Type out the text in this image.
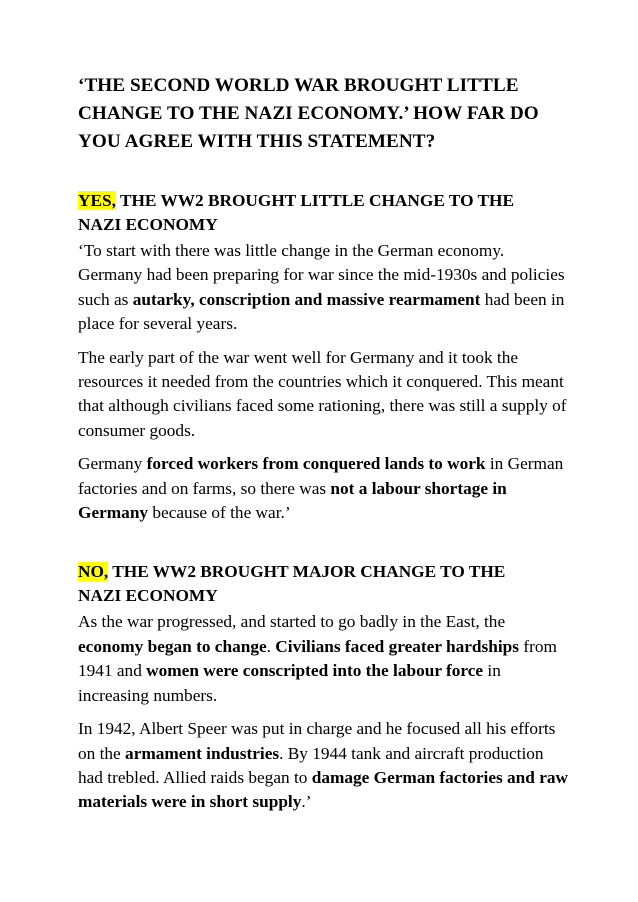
‘THE SECOND WORLD WAR BROUGHT LITTLE
CHANGE TO THE NAZI ECONOMY.’ HOW FAR DO
YOU AGREE WITH THIS STATEMENT?
YES, THE WW2 BROUGHT LITTLE CHANGE TO THE
NAZI ECONOMY

‘To start with there was little change in the German economy. Germany had been preparing for war since the mid-1930s and policies such as autarky, conscription and massive rearmament had been in place for several years.

The early part of the war went well for Germany and it took the resources it needed from the countries which it conquered. This meant that although civilians faced some rationing, there was still a supply of consumer goods.

Germany forced workers from conquered lands to work in German factories and on farms, so there was not a labour shortage in Germany because of the war.’

NO, THE WW2 BROUGHT MAJOR CHANGE TO THE
NAZI ECONOMY

As the war progressed, and started to go badly in the East, the economy began to change. Civilians faced greater hardships from 1941 and women were conscripted into the labour force in increasing numbers.

In 1942, Albert Speer was put in charge and he focused all his efforts on the armament industries. By 1944 tank and aircraft production had trebled. Allied raids began to damage German factories and raw materials were in short supply.’
